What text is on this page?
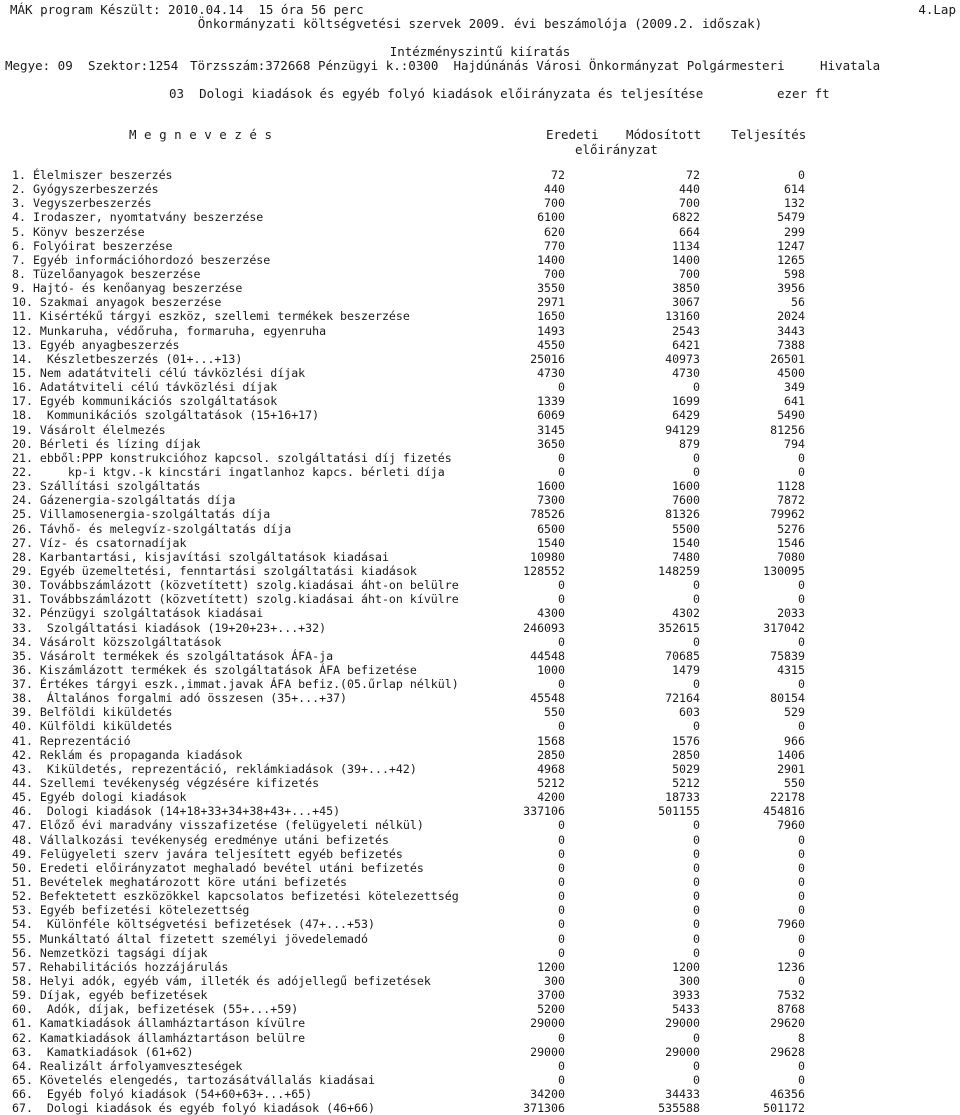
MÁK program Készült: 2010.04.14  15 óra 56 perc	4.Lap
Önkormányzati költségvetési szervek 2009. évi beszámolója (2009.2. időszak)
Intézményszintű kiíratás
Megye: 09 Szektor:1254 Törzsszám:372668 Pénzügyi k.:0300  Hajdúnánás Városi Önkormányzat Polgármesteri	Hivatala
03  Dologi kiadások és egyéb folyó kiadások előirányzata és teljesítése	ezer ft
M e g n e v e z é s	Eredeti Módosított Teljesítés
előirányzat
1. Élelmiszer beszerzés	72	72	0
2. Gyógyszerbeszerzés	440	440	614
3. Vegyszerbeszerzés	700	700	132
4. Irodaszer, nyomtatvány beszerzése	6100	6822	5479
5. Könyv beszerzése	620	664	299
6. Folyóirat beszerzése	770	1134	1247
7. Egyéb információhordozó beszerzése	1400	1400	1265
8. Tüzelőanyagok beszerzése	700	700	598
9. Hajtó- és kenőanyag beszerzése	3550	3850	3956
10. Szakmai anyagok beszerzése	2971	3067	56
11. Kisértékű tárgyi eszköz, szellemi termékek beszerzése	1650	13160	2024
12. Munkaruha, védőruha, formaruha, egyenruha	1493	2543	3443
13. Egyéb anyagbeszerzés	4550	6421	7388
14.  Készletbeszerzés (01+...+13)	25016	40973	26501
15. Nem adatátviteli célú távközlési díjak	4730	4730	4500
16. Adatátviteli célú távközlési díjak	0	0	349
17. Egyéb kommunikációs szolgáltatások	1339	1699	641
18.  Kommunikációs szolgáltatások (15+16+17)	6069	6429	5490
19. Vásárolt élelmezés	3145	94129	81256
20. Bérleti és lízing díjak	3650	879	794
21. ebből:PPP konstrukcióhoz kapcsol. szolgáltatási díj fizetés	0	0	0
22.     kp-i ktgv.-k kincstári ingatlanhoz kapcs. bérleti díja	0	0	0
23. Szállítási szolgáltatás	1600	1600	1128
24. Gázenergia-szolgáltatás díja	7300	7600	7872
25. Villamosenergia-szolgáltatás díja	78526	81326	79962
26. Távhő- és melegvíz-szolgáltatás díja	6500	5500	5276
27. Víz- és csatornadíjak	1540	1540	1546
28. Karbantartási, kisjavítási szolgáltatások kiadásai	10980	7480	7080
29. Egyéb üzemeltetési, fenntartási szolgáltatási kiadások	128552	148259	130095
30. Továbbszámlázott (közvetített) szolg.kiadásai áht-on belülre	0	0	0
31. Továbbszámlázott (közvetített) szolg.kiadásai áht-on kívülre	0	0	0
32. Pénzügyi szolgáltatások kiadásai	4300	4302	2033
33.  Szolgáltatási kiadások (19+20+23+...+32)	246093	352615	317042
34. Vásárolt közszolgáltatások	0	0	0
35. Vásárolt termékek és szolgáltatások ÁFA-ja	44548	70685	75839
36. Kiszámlázott termékek és szolgáltatások ÁFA befizetése	1000	1479	4315
37. Értékes tárgyi eszk.,immat.javak ÁFA befiz.(05.űrlap nélkül)	0	0	0
38.  Általános forgalmi adó összesen (35+...+37)	45548	72164	80154
39. Belföldi kiküldetés	550	603	529
40. Külföldi kiküldetés	0	0	0
41. Reprezentáció	1568	1576	966
42. Reklám és propaganda kiadások	2850	2850	1406
43.  Kiküldetés, reprezentáció, reklámkiadások (39+...+42)	4968	5029	2901
44. Szellemi tevékenység végzésére kifizetés	5212	5212	550
45. Egyéb dologi kiadások	4200	18733	22178
46.  Dologi kiadások (14+18+33+34+38+43+...+45)	337106	501155	454816
47. Előző évi maradvány visszafizetése (felügyeleti nélkül)	0	0	7960
48. Vállalkozási tevékenység eredménye utáni befizetés	0	0	0
49. Felügyeleti szerv javára teljesített egyéb befizetés	0	0	0
50. Eredeti előirányzatot meghaladó bevétel utáni befizetés	0	0	0
51. Bevételek meghatározott köre utáni befizetés	0	0	0
52. Befektetett eszközökkel kapcsolatos befizetési kötelezettség	0	0	0
53. Egyéb befizetési kötelezettség	0	0	0
54.  Különféle költségvetési befizetések (47+...+53)	0	0	7960
55. Munkáltató által fizetett személyi jövedelemadó	0	0	0
56. Nemzetközi tagsági díjak	0	0	0
57. Rehabilitációs hozzájárulás	1200	1200	1236
58. Helyi adók, egyéb vám, illeték és adójellegű befizetések	300	300	0
59. Díjak, egyéb befizetések	3700	3933	7532
60.  Adók, díjak, befizetések (55+...+59)	5200	5433	8768
61. Kamatkiadások államháztartáson kívülre	29000	29000	29620
62. Kamatkiadások államháztartáson belülre	0	0	8
63.  Kamatkiadások (61+62)	29000	29000	29628
64. Realizált árfolyamveszteségek	0	0	0
65. Követelés elengedés, tartozásátvállalás kiadásai	0	0	0
66.  Egyéb folyó kiadások (54+60+63+...+65)	34200	34433	46356
67.  Dologi kiadások és egyéb folyó kiadások (46+66)	371306	535588	501172
